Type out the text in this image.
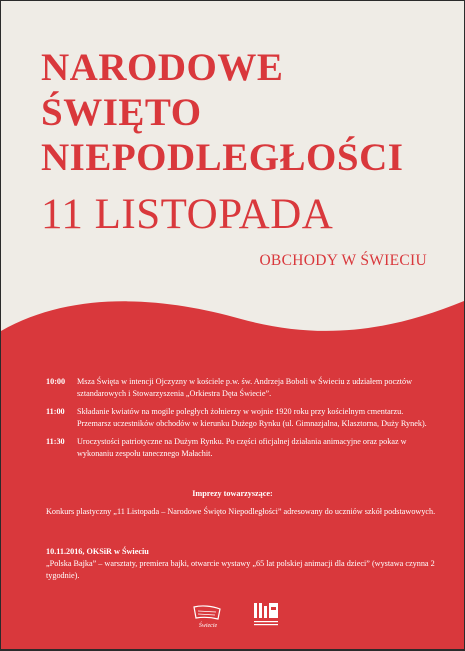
NARODOWE
ŚWIĘTO
NIEPODLEGŁOŚCI
11 LISTOPADA
OBCHODY W ŚWIECIU
10:00	Msza Święta w intencji Ojczyzny w kościele p.w. św. Andrzeja Boboli w Świeciu z udziałem pocztów sztandarowych i Stowarzyszenia „Orkiestra Dęta Świecie”.
11:00	Składanie kwiatów na mogile poległych żołnierzy w wojnie 1920 roku przy kościelnym cmentarzu. Przemarsz uczestników obchodów w kierunku Dużego Rynku (ul. Gimnazjalna, Klasztorna, Duży Rynek).
11:30	Uroczystości patriotyczne na Dużym Rynku. Po części oficjalnej działania animacyjne oraz pokaz w wykonaniu zespołu tanecznego Małachit.
Imprezy towarzyszące:
Konkurs plastyczny „11 Listopada – Narodowe Święto Niepodległości” adresowany do uczniów szkół podstawowych.
10.11.2016, OKSiR w Świeciu
„Polska Bajka” – warsztaty, premiera bajki, otwarcie wystawy „65 lat polskiej animacji dla dzieci” (wystawa czynna 2 tygodnie).
Świecie
